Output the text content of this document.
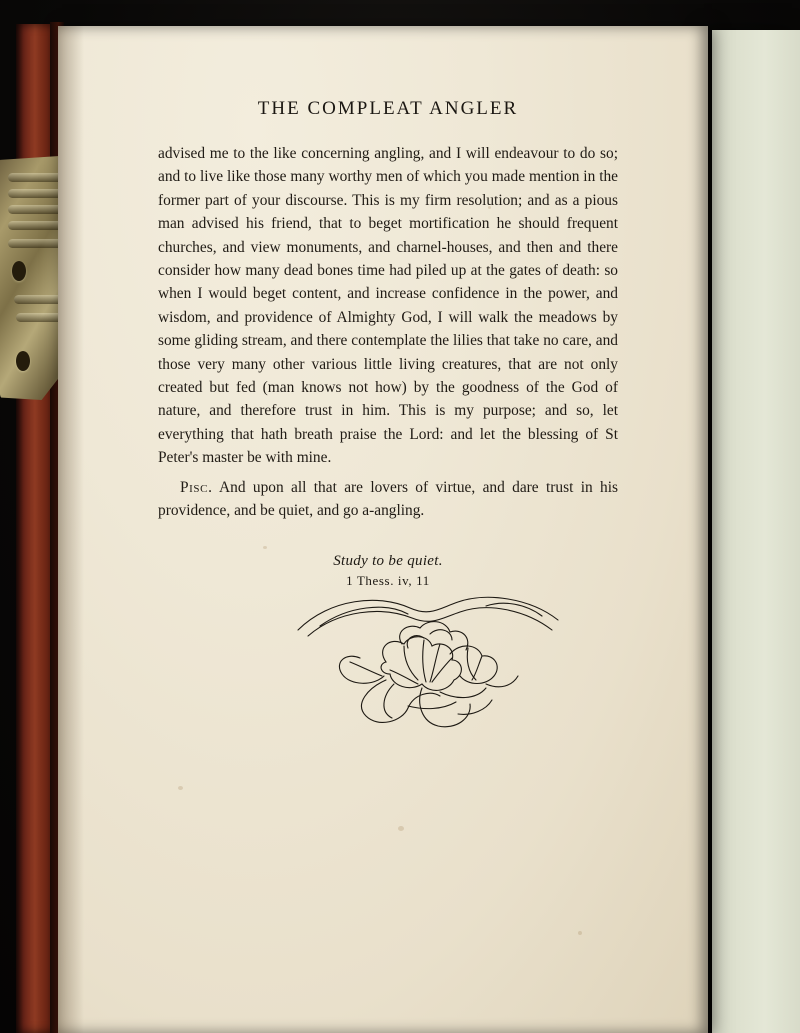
THE COMPLEAT ANGLER

advised me to the like concerning angling, and I will endeavour to do so; and to live like those many worthy men of which you made mention in the former part of your discourse. This is my firm resolution; and as a pious man advised his friend, that to beget mortification he should frequent churches, and view monuments, and charnel-houses, and then and there consider how many dead bones time had piled up at the gates of death: so when I would beget content, and increase confidence in the power, and wisdom, and providence of Almighty God, I will walk the meadows by some gliding stream, and there contemplate the lilies that take no care, and those very many other various little living creatures, that are not only created but fed (man knows not how) by the goodness of the God of nature, and therefore trust in him. This is my purpose; and so, let everything that hath breath praise the Lord: and let the blessing of St Peter's master be with mine.

Pisc. And upon all that are lovers of virtue, and dare trust in his providence, and be quiet, and go a-angling.

Study to be quiet.
1 Thess. iv, 11
